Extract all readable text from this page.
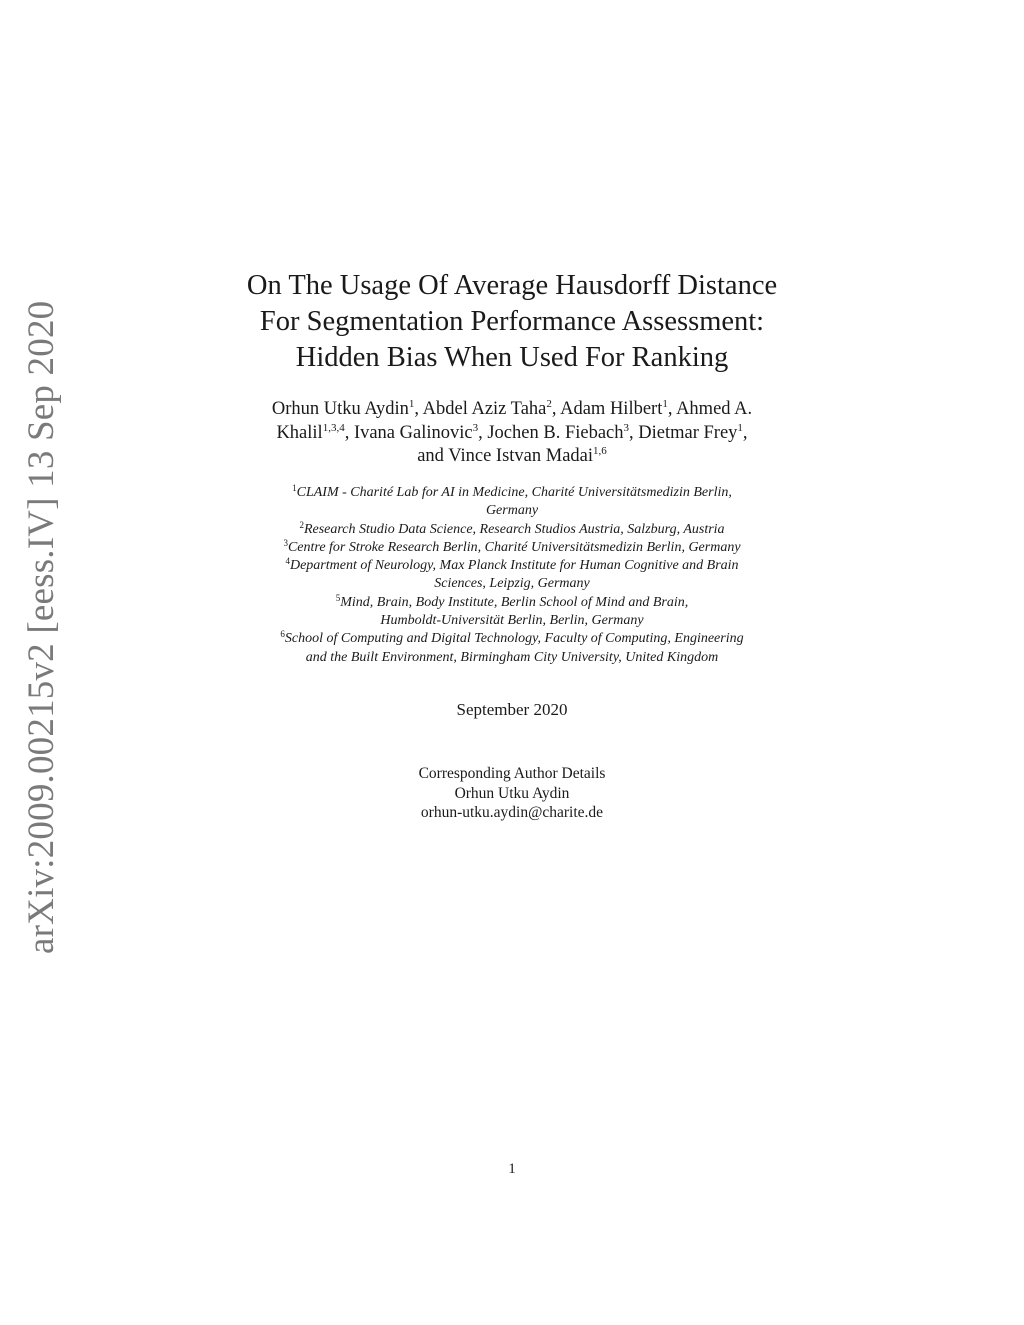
arXiv:2009.00215v2 [eess.IV] 13 Sep 2020
On The Usage Of Average Hausdorff Distance
For Segmentation Performance Assessment:
Hidden Bias When Used For Ranking
Orhun Utku Aydin$^1$, Abdel Aziz Taha$^2$, Adam Hilbert$^1$, Ahmed A.
Khalil$^{1,3,4}$, Ivana Galinovic$^3$, Jochen B. Fiebach$^3$, Dietmar Frey$^1$,
and Vince Istvan Madai$^{1,6}$
$^1$CLAIM - Charité Lab for AI in Medicine, Charité Universitätsmedizin Berlin,
Germany
$^2$Research Studio Data Science, Research Studios Austria, Salzburg, Austria
$^3$Centre for Stroke Research Berlin, Charité Universitätsmedizin Berlin, Germany
$^4$Department of Neurology, Max Planck Institute for Human Cognitive and Brain
Sciences, Leipzig, Germany
$^5$Mind, Brain, Body Institute, Berlin School of Mind and Brain,
Humboldt-Universität Berlin, Berlin, Germany
$^6$School of Computing and Digital Technology, Faculty of Computing, Engineering
and the Built Environment, Birmingham City University, United Kingdom
September 2020
Corresponding Author Details
Orhun Utku Aydin
orhun-utku.aydin@charite.de
1
